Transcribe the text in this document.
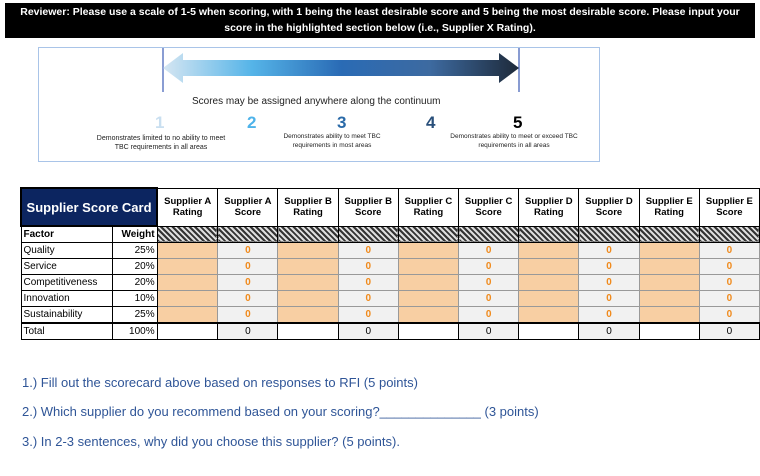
Reviewer: Please use a scale of 1-5 when scoring, with 1 being the least desirable score and 5 being the most desirable score. Please input your
score in the highlighted section below (i.e., Supplier X Rating).
Scores may be assigned anywhere along the continuum
1	2	3	4	5
Demonstrates limited to no ability to meet TBC requirements in all areas
Demonstrates ability to meet TBC requirements in most areas
Demonstrates ability to meet or exceed TBC requirements in all areas
Supplier Score Card		Supplier A Rating	Supplier A Score	Supplier B Rating	Supplier B Score	Supplier C Rating	Supplier C Score	Supplier D Rating	Supplier D Score	Supplier E Rating	Supplier E Score
Factor	Weight										
Quality	25%		0		0		0		0		0
Service	20%		0		0		0		0		0
Competitiveness	20%		0		0		0		0		0
Innovation	10%		0		0		0		0		0
Sustainability	25%		0		0		0		0		0
Total	100%		0		0		0		0		0
1.) Fill out the scorecard above based on responses to RFI (5 points)
2.) Which supplier do you recommend based on your scoring?______________ (3 points)
3.) In 2-3 sentences, why did you choose this supplier? (5 points).
